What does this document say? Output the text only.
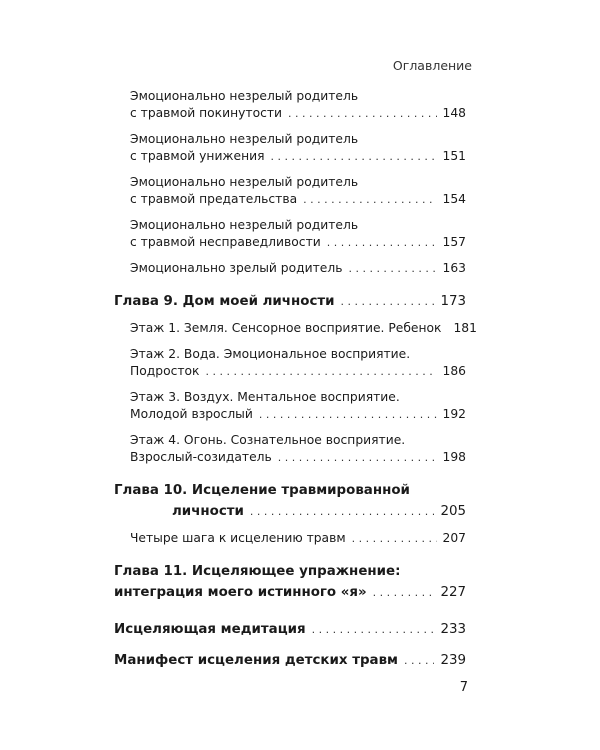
Оглавление
Эмоционально незрелый родитель
с травмой покинутости . . .	148
Эмоционально незрелый родитель
с травмой унижения . . .	151
Эмоционально незрелый родитель
с травмой предательства . . .	154
Эмоционально незрелый родитель
с травмой несправедливости . . .	157
Эмоционально зрелый родитель . . .	163
Глава 9. Дом моей личности . . .	173
Этаж 1. Земля. Сенсорное восприятие. Ребенок 181
Этаж 2. Вода. Эмоциональное восприятие.
Подросток . . .	186
Этаж 3. Воздух. Ментальное восприятие.
Молодой взрослый . . .	192
Этаж 4. Огонь. Сознательное восприятие.
Взрослый-созидатель . . .	198
Глава 10. Исцеление травмированной
личности . . .	205
Четыре шага к исцелению травм . . .	207
Глава 11. Исцеляющее упражнение:
интеграция моего истинного «я» . . .	227
Исцеляющая медитация . . .	233
Манифест исцеления детских травм . . .	239
7
